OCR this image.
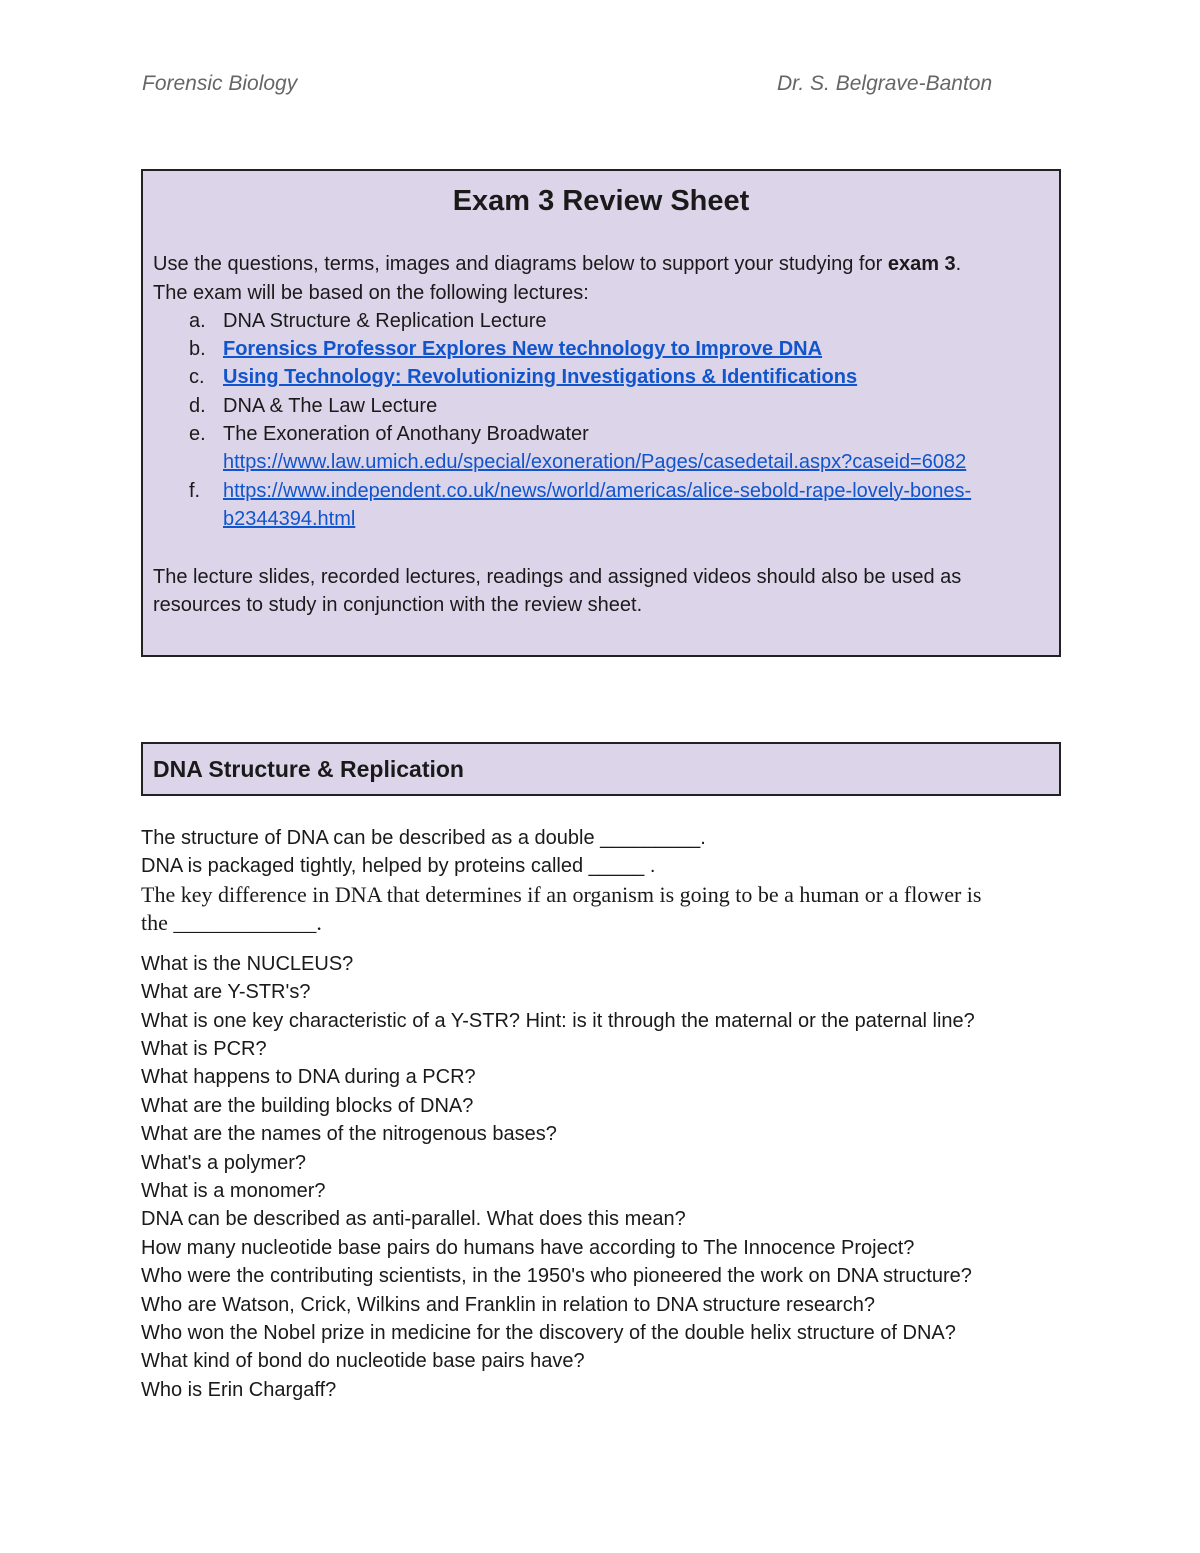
Forensic Biology	Dr. S. Belgrave-Banton
Exam 3 Review Sheet
Use the questions, terms, images and diagrams below to support your studying for exam 3.
The exam will be based on the following lectures:
a. DNA Structure & Replication Lecture
b. Forensics Professor Explores New technology to Improve DNA
c. Using Technology: Revolutionizing Investigations & Identifications
d. DNA & The Law Lecture
e. The Exoneration of Anothany Broadwater
https://www.law.umich.edu/special/exoneration/Pages/casedetail.aspx?caseid=6082
f. https://www.independent.co.uk/news/world/americas/alice-sebold-rape-lovely-bones-
b2344394.html
The lecture slides, recorded lectures, readings and assigned videos should also be used as
resources to study in conjunction with the review sheet.
DNA Structure & Replication
The structure of DNA can be described as a double _________.
DNA is packaged tightly, helped by proteins called _____ .
The key difference in DNA that determines if an organism is going to be a human or a flower is
the _____________.
What is the NUCLEUS?
What are Y-STR's?
What is one key characteristic of a Y-STR? Hint: is it through the maternal or the paternal line?
What is PCR?
What happens to DNA during a PCR?
What are the building blocks of DNA?
What are the names of the nitrogenous bases?
What's a polymer?
What is a monomer?
DNA can be described as anti-parallel. What does this mean?
How many nucleotide base pairs do humans have according to The Innocence Project?
Who were the contributing scientists, in the 1950's who pioneered the work on DNA structure?
Who are Watson, Crick, Wilkins and Franklin in relation to DNA structure research?
Who won the Nobel prize in medicine for the discovery of the double helix structure of DNA?
What kind of bond do nucleotide base pairs have?
Who is Erin Chargaff?
